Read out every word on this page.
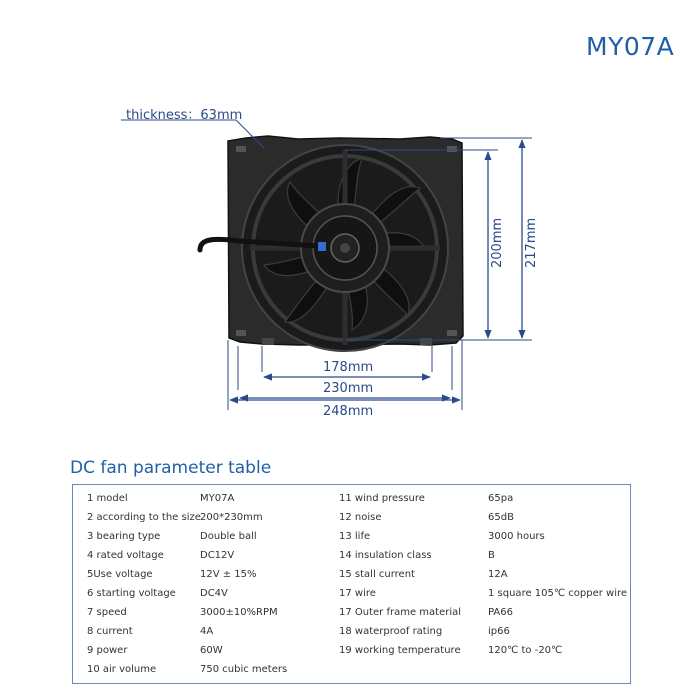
MY07A
thickness：63mm
178mm
230mm
248mm
200mm 217mm
DC fan parameter table
1 model	MY07A	11 wind pressure	65pa
2 according to the size 200*230mm	12 noise	65dB
3 bearing type	Double ball	13 life	3000 hours
4 rated voltage	DC12V	14 insulation class	B
5Use voltage	12V ± 15%	15 stall current	12A
6 starting voltage DC4V	17 wire	1 square 105℃ copper wire
7 speed	3000±10%RPM	17 Outer frame material	PA66
8 current	4A	18 waterproof rating	ip66
9 power	60W	19 working temperature	120℃ to -20℃
10 air volume	750 cubic meters
